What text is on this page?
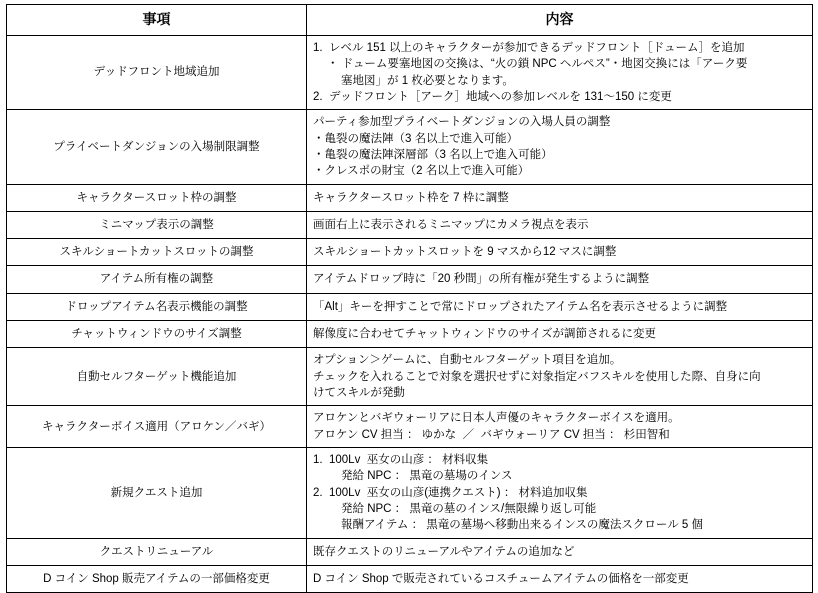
事項	内容
デッドフロント地域追加	1.  レベル 151 以上のキャラクターが参加できるデッドフロント［ドューム］を追加

・ ドューム要塞地図の交換は、“火の鎖 NPC ヘルペス”・地図交換には「アーク要

塞地図」が 1 枚必要となります。

2.  デッドフロント［アーク］地域への参加レベルを 131～150 に変更

プライベートダンジョンの入場制限調整	パーティ参加型プライベートダンジョンの入場人員の調整

・亀裂の魔法陣（3 名以上で進入可能）

・亀裂の魔法陣深層部（3 名以上で進入可能）

・クレスポの財宝（2 名以上で進入可能）

キャラクタースロット枠の調整	キャラクタースロット枠を 7 枠に調整

ミニマップ表示の調整	画面右上に表示されるミニマップにカメラ視点を表示

スキルショートカットスロットの調整	スキルショートカットスロットを 9 マスから12 マスに調整

アイテム所有権の調整	アイテムドロップ時に「20 秒間」の所有権が発生するように調整

ドロップアイテム名表示機能の調整	「Alt」キーを押すことで常にドロップされたアイテム名を表示させるように調整

チャットウィンドウのサイズ調整	解像度に合わせてチャットウィンドウのサイズが調節されるに変更

自動セルフターゲット機能追加	オプション＞ゲームに、自動セルフターゲット項目を追加。

チェックを入れることで対象を選択せずに対象指定バフスキルを使用した際、自身に向

けてスキルが発動

キャラクターボイス適用（アロケン／バギ）	アロケンとバギウォーリアに日本人声優のキャラクターボイスを適用。

アロケン CV 担当 ： ゆかな  ／  バギウォーリア CV 担当 ： 杉田智和

新規クエスト追加	1.  100Lv  巫女の山彦 ： 材料収集

発給 NPC ： 黒竜の墓場のインス

2.  100Lv  巫女の山彦(連携クエスト) ： 材料追加収集

発給 NPC ： 黒竜の墓のインス/無限繰り返し可能

報酬アイテム ： 黒竜の墓場へ移動出来るインスの魔法スクロール 5 個

クエストリニューアル	既存クエストのリニューアルやアイテムの追加など

D コイン Shop 販売アイテムの一部価格変更	D コイン Shop で販売されているコスチュームアイテムの価格を一部変更
